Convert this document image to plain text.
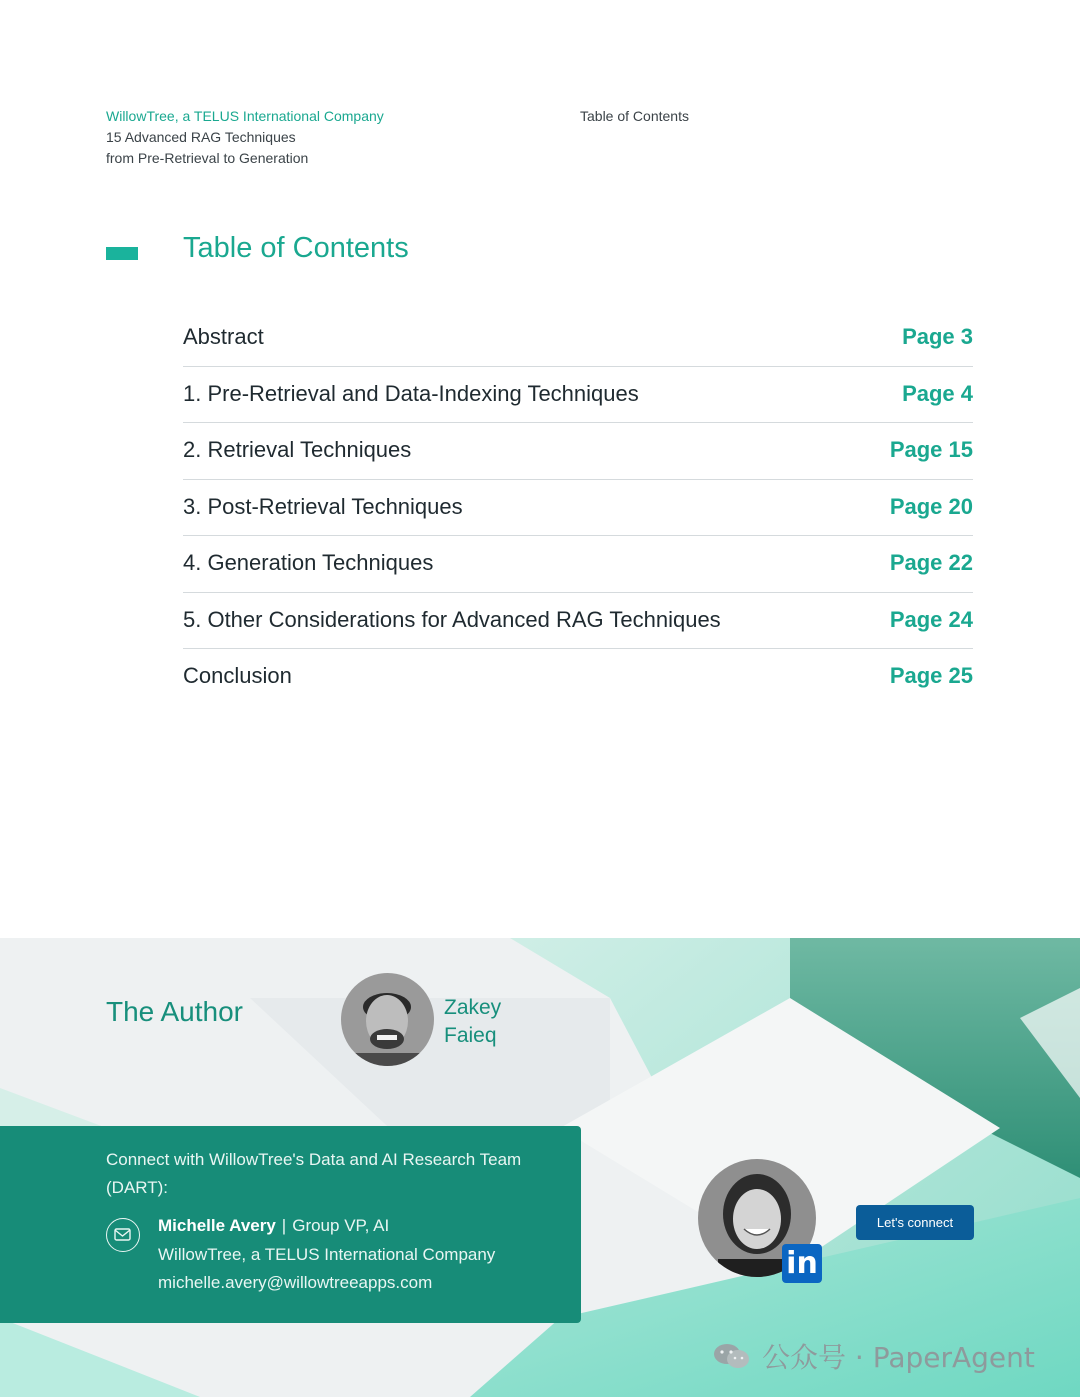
WillowTree, a TELUS International Company
15 Advanced RAG Techniques
from Pre-Retrieval to Generation
Table of Contents
Table of Contents
Abstract	Page 3
1. Pre-Retrieval and Data-Indexing Techniques	Page 4
2. Retrieval Techniques	Page 15
3. Post-Retrieval Techniques	Page 20
4. Generation Techniques	Page 22
5. Other Considerations for Advanced RAG Techniques	Page 24
Conclusion	Page 25
The Author	Zakey
Faieq
Connect with WillowTree's Data and AI Research Team (DART):
Michelle Avery | Group VP, AI
WillowTree, a TELUS International Company
michelle.avery@willowtreeapps.com
in
Let's connect
公众号 · PaperAgent
